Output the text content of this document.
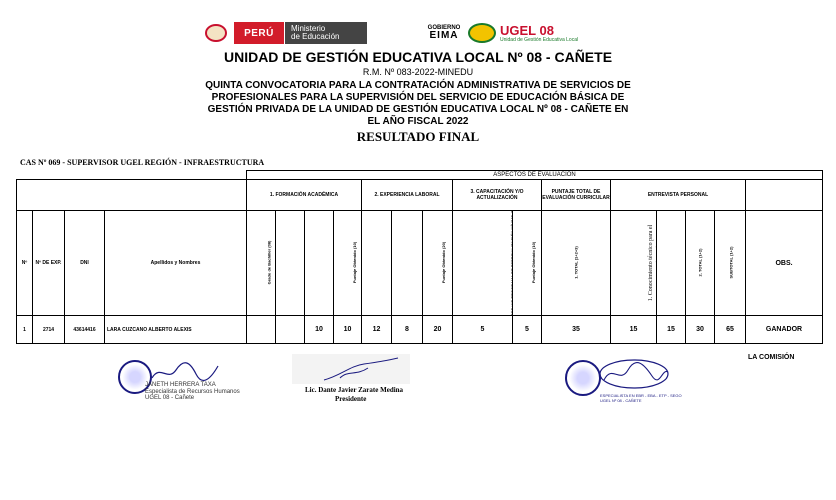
PERÚ Ministerio
de Educación
GOBIERNO
EIMA	UGEL 08
Unidad de Gestión Educativa Local
UNIDAD DE GESTIÓN EDUCATIVA LOCAL Nº 08 - CAÑETE
R.M. Nº 083-2022-MINEDU
QUINTA CONVOCATORIA PARA LA CONTRATACIÓN ADMINISTRATIVA DE SERVICIOS DE
PROFESIONALES PARA LA SUPERVISIÓN DEL SERVICIO DE EDUCACIÓN BÁSICA DE
GESTIÓN PRIVADA DE LA UNIDAD DE GESTIÓN EDUCATIVA LOCAL Nº 08 - CAÑETE EN
EL AÑO FISCAL 2022
RESULTADO FINAL
CAS Nº 069 - SUPERVISOR UGEL REGIÓN - INFRAESTRUCTURA
				ASPECTOS DE EVALUACIÓN														
				1. FORMACIÓN ACADÉMICA				2. EXPERIENCIA LABORAL			3. CAPACITACIÓN Y/O ACTUALIZACIÓN		PUNTAJE TOTAL DE EVALUACIÓN CURRICULAR	ENTREVISTA PERSONAL				
Nº	Nº DE EXP.	DNI	Apellidos y Nombres	Grado de Bachiller (08)			Puntaje Obtenido (10)			Puntaje Obtenido (20)	CURSO Y/O PROGRAMA DE ESPECIALIZACIÓN MÍNIMO	Puntaje Obtenido (10)	1. TOTAL (1+2+3)	1. Conocimiento técnico para el		2. TOTAL (1+2)	SUBTOTAL (1+2)	OBS.
1	2714	43614416	LARA CUZCANO ALBERTO ALEXIS			10	10	12	8	20	5	5	35	15	15	30	65	GANADOR
JANETH HERRERA TAXA
Especialista de Recursos Humanos
UGEL 08 - Cañete
Lic. Dante Javier Zarate Medina
Presidente	ESPECIALISTA EN EBR - EBA - ETP - SEGO
UGEL Nº 08 - CAÑETE
LA COMISIÓN
